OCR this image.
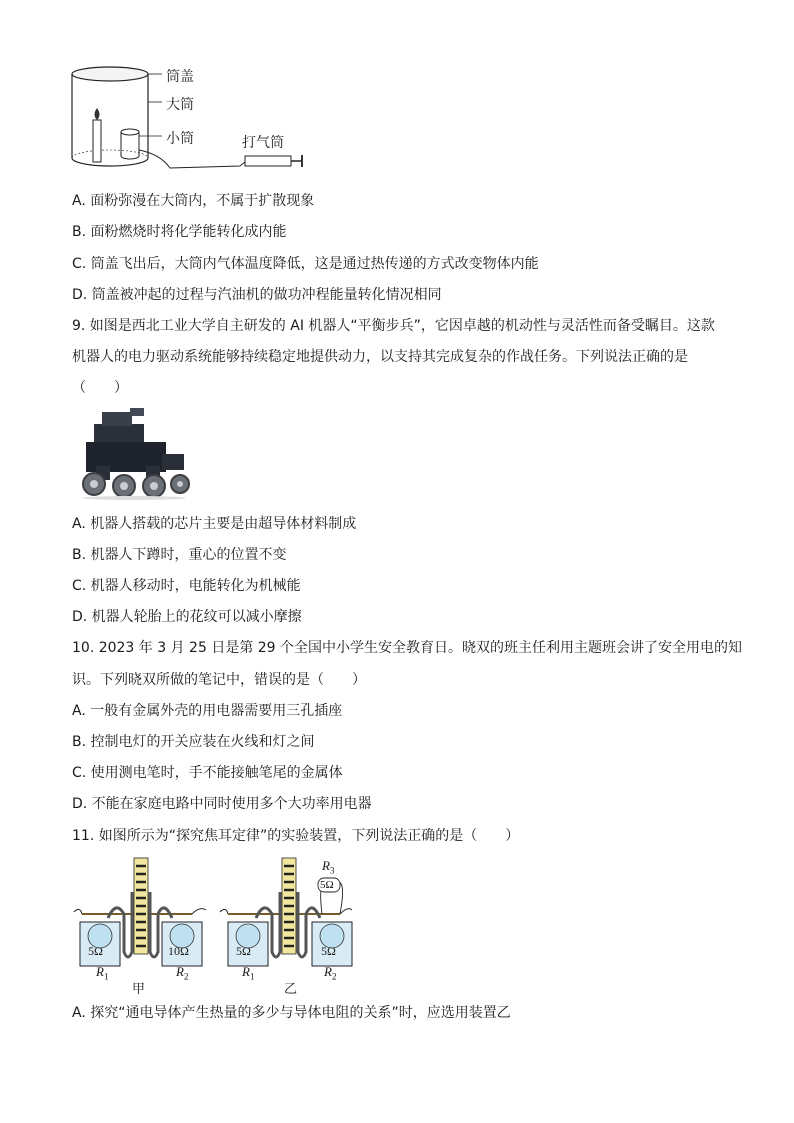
筒盖
大筒
小筒	打气筒
A. 面粉弥漫在大筒内，不属于扩散现象
B. 面粉燃烧时将化学能转化成内能
C. 筒盖飞出后，大筒内气体温度降低，这是通过热传递的方式改变物体内能
D. 筒盖被冲起的过程与汽油机的做功冲程能量转化情况相同
9. 如图是西北工业大学自主研发的 AI 机器人“平衡步兵”，它因卓越的机动性与灵活性而备受瞩目。这款
机器人的电力驱动系统能够持续稳定地提供动力，以支持其完成复杂的作战任务。下列说法正确的是
（　　）
A. 机器人搭载的芯片主要是由超导体材料制成
B. 机器人下蹲时，重心的位置不变
C. 机器人移动时，电能转化为机械能
D. 机器人轮胎上的花纹可以减小摩擦
10. 2023 年 3 月 25 日是第 29 个全国中小学生安全教育日。晓双的班主任利用主题班会讲了安全用电的知
识。下列晓双所做的笔记中，错误的是（　　）
A. 一般有金属外壳的用电器需要用三孔插座
B. 控制电灯的开关应装在火线和灯之间
C. 使用测电笔时，手不能接触笔尾的金属体
D. 不能在家庭电路中同时使用多个大功率用电器
11. 如图所示为“探究焦耳定律”的实验装置，下列说法正确的是（　　）
5Ω	10Ω	5Ω	5Ω
5Ω
$R_1$	$R_2$	$R_1$	$R_2$
$R_3$
甲	乙
A. 探究“通电导体产生热量的多少与导体电阻的关系”时，应选用装置乙
